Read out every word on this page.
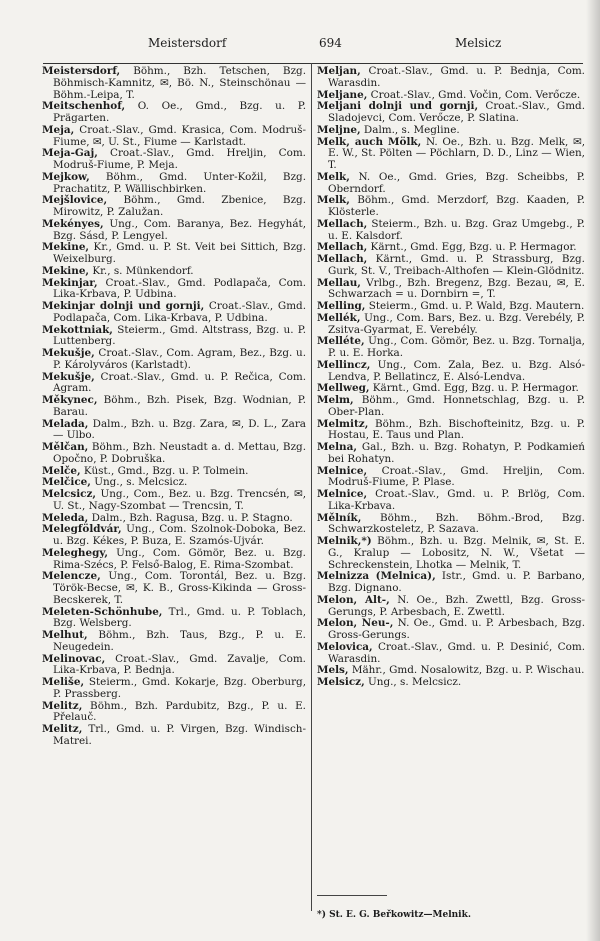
Meistersdorf	694	Melsicz

Meistersdorf, Böhm., Bzh. Tetschen, Bzg. Böhmisch-Kamnitz, ✉, Bö. N., Steinschönau — Böhm.-Leipa, T.

Meitschenhof, O. Oe., Gmd., Bzg. u. P. Prägarten.

Meja, Croat.-Slav., Gmd. Krasica, Com. Modruš-Fiume, ✉, U. St., Fiume — Karlstadt.

Meja-Gaj, Croat.-Slav., Gmd. Hreljin, Com. Modruš-Fiume, P. Meja.

Mejkow, Böhm., Gmd. Unter-Kožil, Bzg. Prachatitz, P. Wällischbirken.

Mejšlovice, Böhm., Gmd. Zbenice, Bzg. Mirowitz, P. Zalužan.

Mekényes, Ung., Com. Baranya, Bez. Hegyhát, Bzg. Sásd, P. Lengyel.

Mekine, Kr., Gmd. u. P. St. Veit bei Sittich, Bzg. Weixelburg.

Mekine, Kr., s. Münkendorf.

Mekinjar, Croat.-Slav., Gmd. Podlapača, Com. Lika-Krbava, P. Udbina.

Mekinjar dolnji und gornji, Croat.-Slav., Gmd. Podlapača, Com. Lika-Krbava, P. Udbina.

Mekottniak, Steierm., Gmd. Altstrass, Bzg. u. P. Luttenberg.

Mekušje, Croat.-Slav., Com. Agram, Bez., Bzg. u. P. Károlyváros (Karlstadt).

Mekušje, Croat.-Slav., Gmd. u. P. Rečica, Com. Agram.

Měkynec, Böhm., Bzh. Pisek, Bzg. Wodnian, P. Barau.

Melada, Dalm., Bzh. u. Bzg. Zara, ✉, D. L., Zara — Ulbo.

Mělčan, Böhm., Bzh. Neustadt a. d. Mettau, Bzg. Opočno, P. Dobruška.

Melče, Küst., Gmd., Bzg. u. P. Tolmein.

Melčice, Ung., s. Melcsicz.

Melcsicz, Ung., Com., Bez. u. Bzg. Trencsén, ✉, U. St., Nagy-Szombat — Trencsin, T.

Meleda, Dalm., Bzh. Ragusa, Bzg. u. P. Stagno.

Melegföldvár, Ung., Com. Szolnok-Doboka, Bez. u. Bzg. Kékes, P. Buza, E. Szamós-Ujvár.

Meleghegy, Ung., Com. Gömör, Bez. u. Bzg. Rima-Szécs, P. Felső-Balog, E. Rima-Szombat.

Melencze, Ung., Com. Torontál, Bez. u. Bzg. Török-Becse, ✉, K. B., Gross-Kikinda — Gross-Becskerek, T.

Meleten-Schönhube, Trl., Gmd. u. P. Toblach, Bzg. Welsberg.

Melhut, Böhm., Bzh. Taus, Bzg., P. u. E. Neugedein.

Melinovac, Croat.-Slav., Gmd. Zavalje, Com. Lika-Krbava, P. Bednja.

Meliše, Steierm., Gmd. Kokarje, Bzg. Oberburg, P. Prassberg.

Melitz, Böhm., Bzh. Pardubitz, Bzg., P. u. E. Přelauč.

Melitz, Trl., Gmd. u. P. Virgen, Bzg. Windisch-Matrei.

Meljan, Croat.-Slav., Gmd. u. P. Bednja, Com. Warasdin.

Meljane, Croat.-Slav., Gmd. Vočin, Com. Verőcze.

Meljani dolnji und gornji, Croat.-Slav., Gmd. Sladojevci, Com. Verőcze, P. Slatina.

Meljne, Dalm., s. Megline.

Melk, auch Mölk, N. Oe., Bzh. u. Bzg. Melk, ✉, E. W., St. Pölten — Pöchlarn, D. D., Linz — Wien, T.

Melk, N. Oe., Gmd. Gries, Bzg. Scheibbs, P. Oberndorf.

Melk, Böhm., Gmd. Merzdorf, Bzg. Kaaden, P. Klösterle.

Mellach, Steierm., Bzh. u. Bzg. Graz Umgebg., P. u. E. Kalsdorf.

Mellach, Kärnt., Gmd. Egg, Bzg. u. P. Hermagor.

Mellach, Kärnt., Gmd. u. P. Strassburg, Bzg. Gurk, St. V., Treibach-Althofen — Klein-Glödnitz.

Mellau, Vrlbg., Bzh. Bregenz, Bzg. Bezau, ✉, E. Schwarzach = u. Dornbirn =, T.

Melling, Steierm., Gmd. u. P. Wald, Bzg. Mautern.

Mellék, Ung., Com. Bars, Bez. u. Bzg. Verebély, P. Zsitva-Gyarmat, E. Verebély.

Melléte, Ung., Com. Gömör, Bez. u. Bzg. Tornalja, P. u. E. Horka.

Mellincz, Ung., Com. Zala, Bez. u. Bzg. Alsó-Lendva, P. Bellatincz, E. Alsó-Lendva.

Mellweg, Kärnt., Gmd. Egg, Bzg. u. P. Hermagor.

Melm, Böhm., Gmd. Honnetschlag, Bzg. u. P. Ober-Plan.

Melmitz, Böhm., Bzh. Bischofteinitz, Bzg. u. P. Hostau, E. Taus und Plan.

Melna, Gal., Bzh. u. Bzg. Rohatyn, P. Podkamień bei Rohatyn.

Melnice, Croat.-Slav., Gmd. Hreljin, Com. Modruš-Fiume, P. Plase.

Melnice, Croat.-Slav., Gmd. u. P. Brlög, Com. Lika-Krbava.

Mělník, Böhm., Bzh. Böhm.-Brod, Bzg. Schwarzkosteletz, P. Sazava.

Melnik,*) Böhm., Bzh. u. Bzg. Melnik, ✉, St. E. G., Kralup — Lobositz, N. W., Všetat — Schreckenstein, Lhotka — Melnik, T.

Melnizza (Melnica), Istr., Gmd. u. P. Barbano, Bzg. Dignano.

Melon, Alt-, N. Oe., Bzh. Zwettl, Bzg. Gross-Gerungs, P. Arbesbach, E. Zwettl.

Melon, Neu-, N. Oe., Gmd. u. P. Arbesbach, Bzg. Gross-Gerungs.

Melovica, Croat.-Slav., Gmd. u. P. Desinić, Com. Warasdin.

Mels, Mähr., Gmd. Nosalowitz, Bzg. u. P. Wischau.

Melsicz, Ung., s. Melcsicz.

*) St. E. G. Beřkowitz—Melnik.
